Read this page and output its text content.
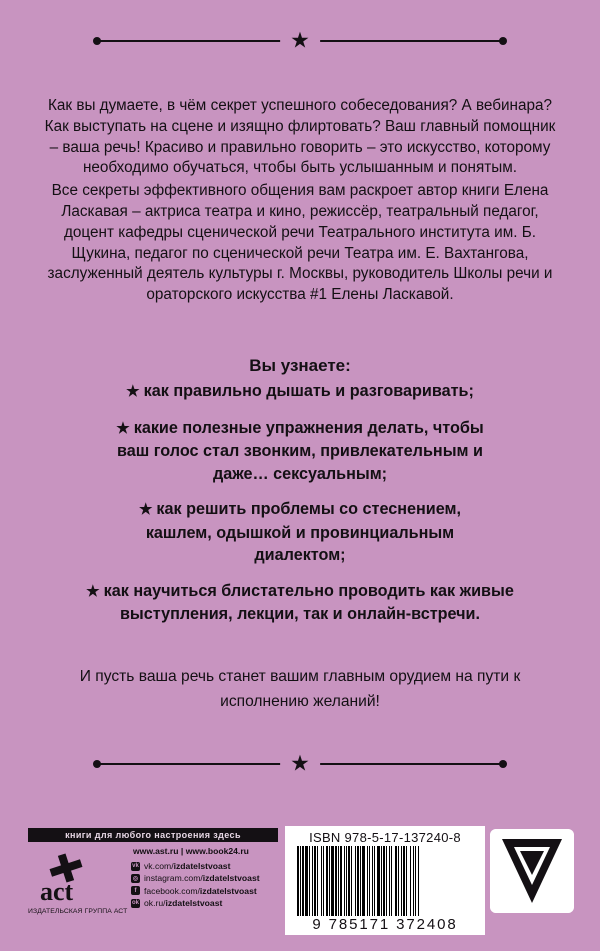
★

Как вы думаете, в чём секрет успешного собеседования? А вебинара? Как выступать на сцене и изящно флиртовать? Ваш главный помощник – ваша речь! Красиво и правильно говорить – это искусство, которому необходимо обучаться, чтобы быть услышанным и понятым.

Все секреты эффективного общения вам раскроет автор книги Елена Ласкавая – актриса театра и кино, режиссёр, театральный педагог, доцент кафедры сценической речи Театрального института им. Б. Щукина, педагог по сценической речи Театра им. Е. Вахтангова, заслуженный деятель культуры г. Москвы, руководитель Школы речи и ораторского искусства #1 Елены Ласкавой.

Вы узнаете:

★ как правильно дышать и разговаривать;

★ какие полезные упражнения делать, чтобы ваш голос стал звонким, привлекательным и даже… сексуальным;

★ как решить проблемы со стеснением, кашлем, одышкой и провинциальным диалектом;

★ как научиться блистательно проводить как живые выступления, лекции, так и онлайн-встречи.

И пусть ваша речь станет вашим главным орудием на пути к исполнению желаний!
★
книги для любого настроения здесь
act
ИЗДАТЕЛЬСКАЯ ГРУППА АСТ
www.ast.ru| www.book24.ru
vk vk.com/ izdatelstvoast
◎ instagram.com/ izdatelstvoast
f facebook.com/ izdatelstvoast
ok ok.ru/ izdatelstvoast
ISBN 978-5-17-137240-8
9 785171 372408
V
